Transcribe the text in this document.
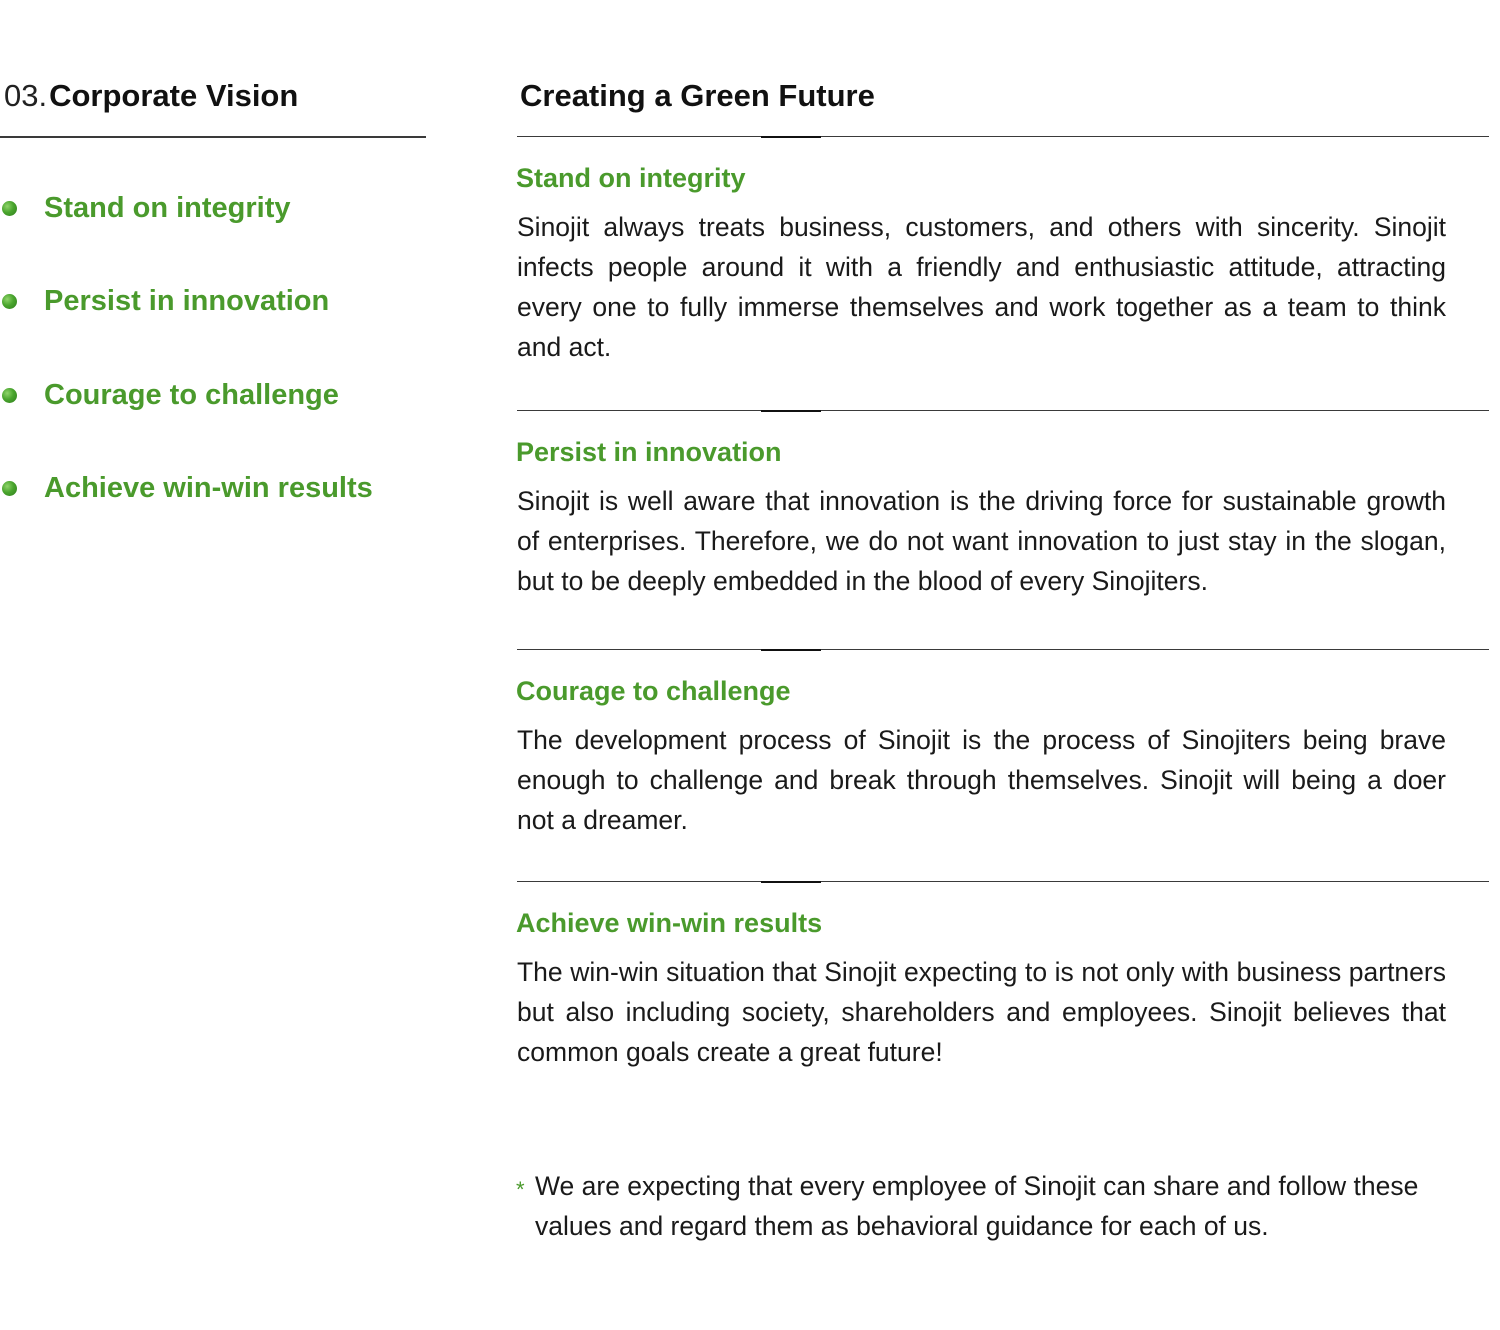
03.Corporate Vision
Stand on integrity
Persist in innovation
Courage to challenge
Achieve win-win results
Creating a Green Future
Stand on integrity

Sinojit always treats business, customers, and others with sincerity. Sinojit infects people around it with a friendly and enthusiastic attitude, attracting every one to fully immerse themselves and work together as a team to think and act.

Persist in innovation

Sinojit is well aware that innovation is the driving force for sustainable growth of enterprises. Therefore, we do not want innovation to just stay in the slogan, but to be deeply embedded in the blood of every Sinojiters.

Courage to challenge

The development process of Sinojit is the process of Sinojiters being brave enough to challenge and break through themselves. Sinojit will being a doer not a dreamer.

Achieve win-win results

The win-win situation that Sinojit expecting to is not only with business partners but also including society, shareholders and employees. Sinojit believes that common goals create a great future!

* We are expecting that every employee of Sinojit can share and follow these values and regard them as behavioral guidance for each of us.
